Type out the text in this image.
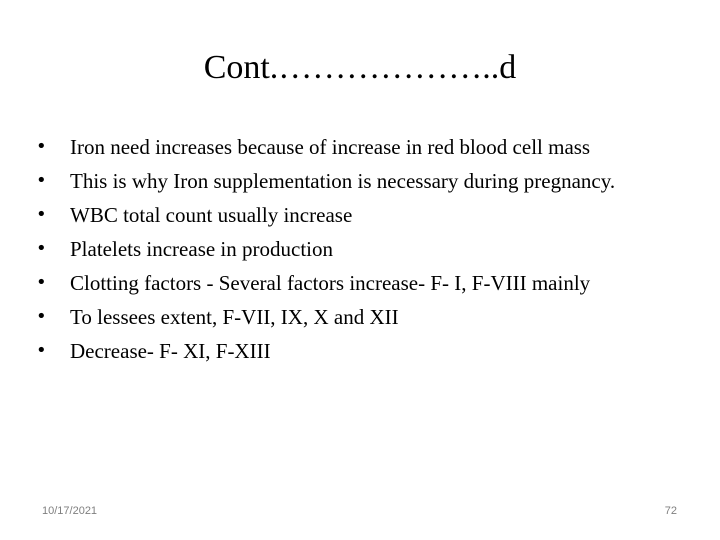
Cont.………………..d
•	Iron need increases because of increase in red blood cell mass
•	This is why Iron supplementation is necessary during pregnancy.
•	WBC total count usually increase
•	Platelets increase in production
•	Clotting factors - Several factors increase- F- I, F-VIII mainly
•	To lessees extent, F-VII, IX, X and XII
•	Decrease- F- XI, F-XIII
10/17/2021	72
